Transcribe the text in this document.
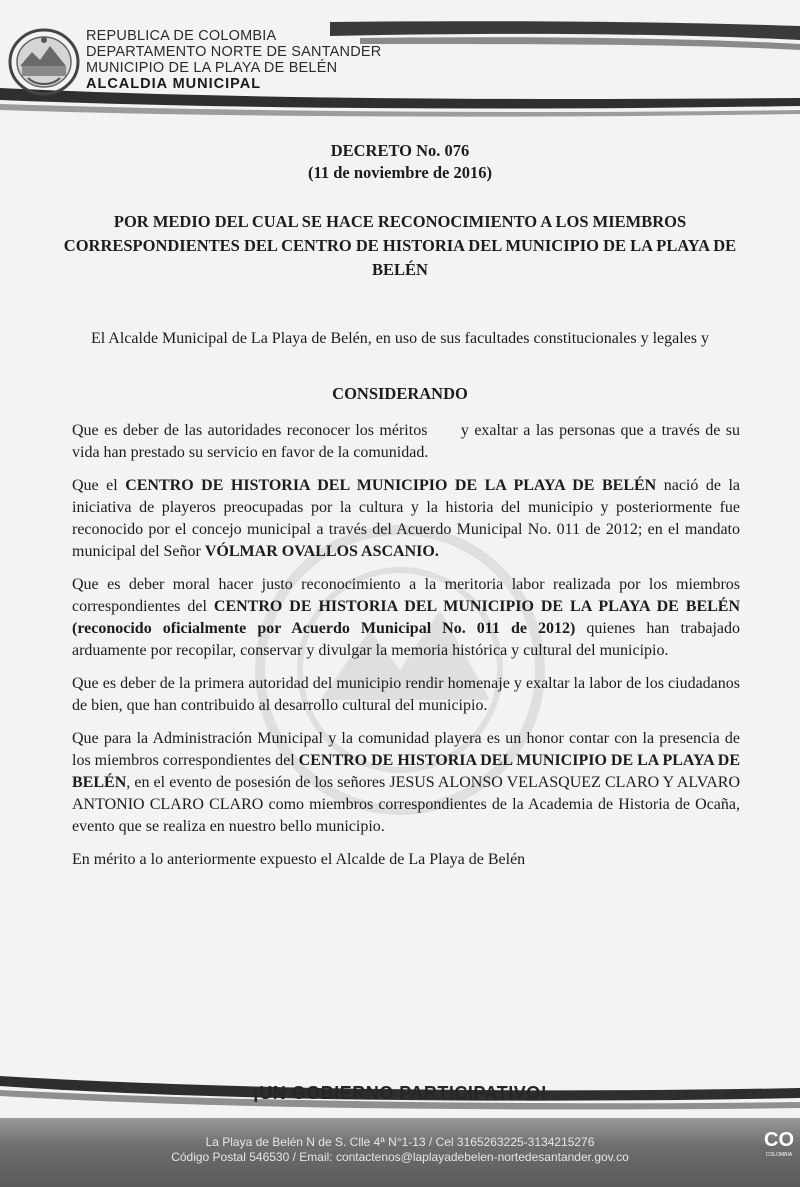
REPUBLICA DE COLOMBIA
DEPARTAMENTO NORTE DE SANTANDER
MUNICIPIO DE LA PLAYA DE BELÉN
ALCALDIA MUNICIPAL
DECRETO No. 076
(11 de noviembre de 2016)
POR MEDIO DEL CUAL SE HACE RECONOCIMIENTO A LOS MIEMBROS CORRESPONDIENTES DEL CENTRO DE HISTORIA DEL MUNICIPIO DE LA PLAYA DE BELÉN
El Alcalde Municipal de La Playa de Belén, en uso de sus facultades constitucionales y legales y
CONSIDERANDO

Que es deber de las autoridades reconocer los méritos y exaltar a las personas que a través de su vida han prestado su servicio en favor de la comunidad.

Que el CENTRO DE HISTORIA DEL MUNICIPIO DE LA PLAYA DE BELÉN nació de la iniciativa de playeros preocupadas por la cultura y la historia del municipio y posteriormente fue reconocido por el concejo municipal a través del Acuerdo Municipal No. 011 de 2012; en el mandato municipal del Señor VÓLMAR OVALLOS ASCANIO.

Que es deber moral hacer justo reconocimiento a la meritoria labor realizada por los miembros correspondientes del CENTRO DE HISTORIA DEL MUNICIPIO DE LA PLAYA DE BELÉN (reconocido oficialmente por Acuerdo Municipal No. 011 de 2012) quienes han trabajado arduamente por recopilar, conservar y divulgar la memoria histórica y cultural del municipio.

Que es deber de la primera autoridad del municipio rendir homenaje y exaltar la labor de los ciudadanos de bien, que han contribuido al desarrollo cultural del municipio.

Que para la Administración Municipal y la comunidad playera es un honor contar con la presencia de los miembros correspondientes del CENTRO DE HISTORIA DEL MUNICIPIO DE LA PLAYA DE BELÉN, en el evento de posesión de los señores JESUS ALONSO VELASQUEZ CLARO Y ALVARO ANTONIO CLARO CLARO como miembros correspondientes de la Academia de Historia de Ocaña, evento que se realiza en nuestro bello municipio.

En mérito a lo anteriormente expuesto el Alcalde de La Playa de Belén

¡UN GOBIERNO PARTICIPATIVO!
La Playa de Belén N de S. Clle 4ª N°1-13 / Cel 3165263225-3134215276
Código Postal 546530 / Email: contactenos@laplayadebelen-nortedesantander.gov.co
CO
COLOMBIA
